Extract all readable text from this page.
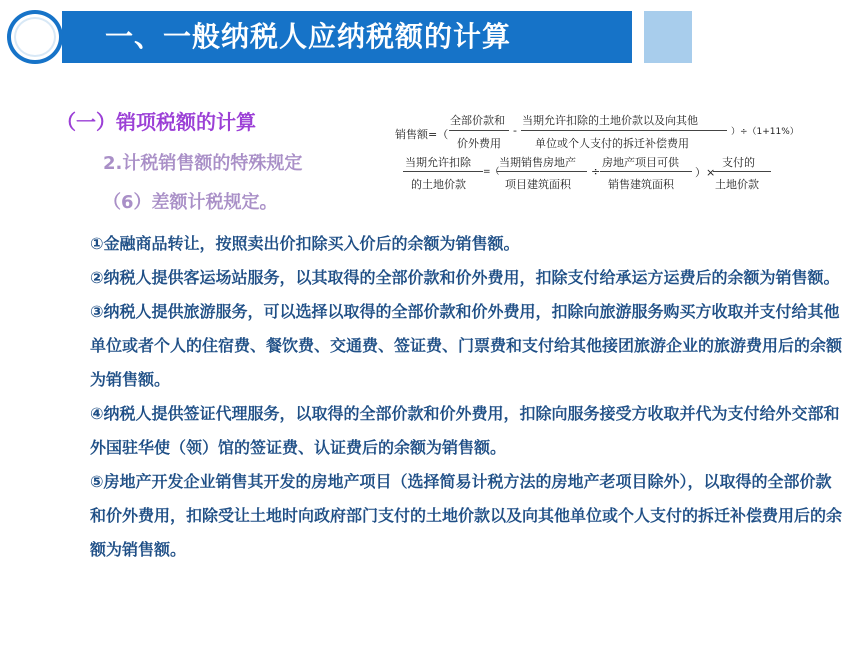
一、一般纳税人应纳税额的计算
（一）销项税额的计算
2.计税销售额的特殊规定
（6）差额计税规定。
销售额=（
全部价款和
价外费用
-
当期允许扣除的土地价款以及向其他
单位或个人支付的拆迁补偿费用
）÷（1+11%）
当期允许扣除
的土地价款
=（
当期销售房地产
项目建筑面积
÷
房地产项目可供
销售建筑面积
）×
支付的
土地价款

①金融商品转让，按照卖出价扣除买入价后的余额为销售额。

②纳税人提供客运场站服务，以其取得的全部价款和价外费用，扣除支付给承运方运费后的余额为销售额。

③纳税人提供旅游服务，可以选择以取得的全部价款和价外费用，扣除向旅游服务购买方收取并支付给其他单位或者个人的住宿费、餐饮费、交通费、签证费、门票费和支付给其他接团旅游企业的旅游费用后的余额为销售额。

④纳税人提供签证代理服务，以取得的全部价款和价外费用，扣除向服务接受方收取并代为支付给外交部和外国驻华使（领）馆的签证费、认证费后的余额为销售额。

⑤房地产开发企业销售其开发的房地产项目（选择简易计税方法的房地产老项目除外），以取得的全部价款和价外费用，扣除受让土地时向政府部门支付的土地价款以及向其他单位或个人支付的拆迁补偿费用后的余额为销售额。
